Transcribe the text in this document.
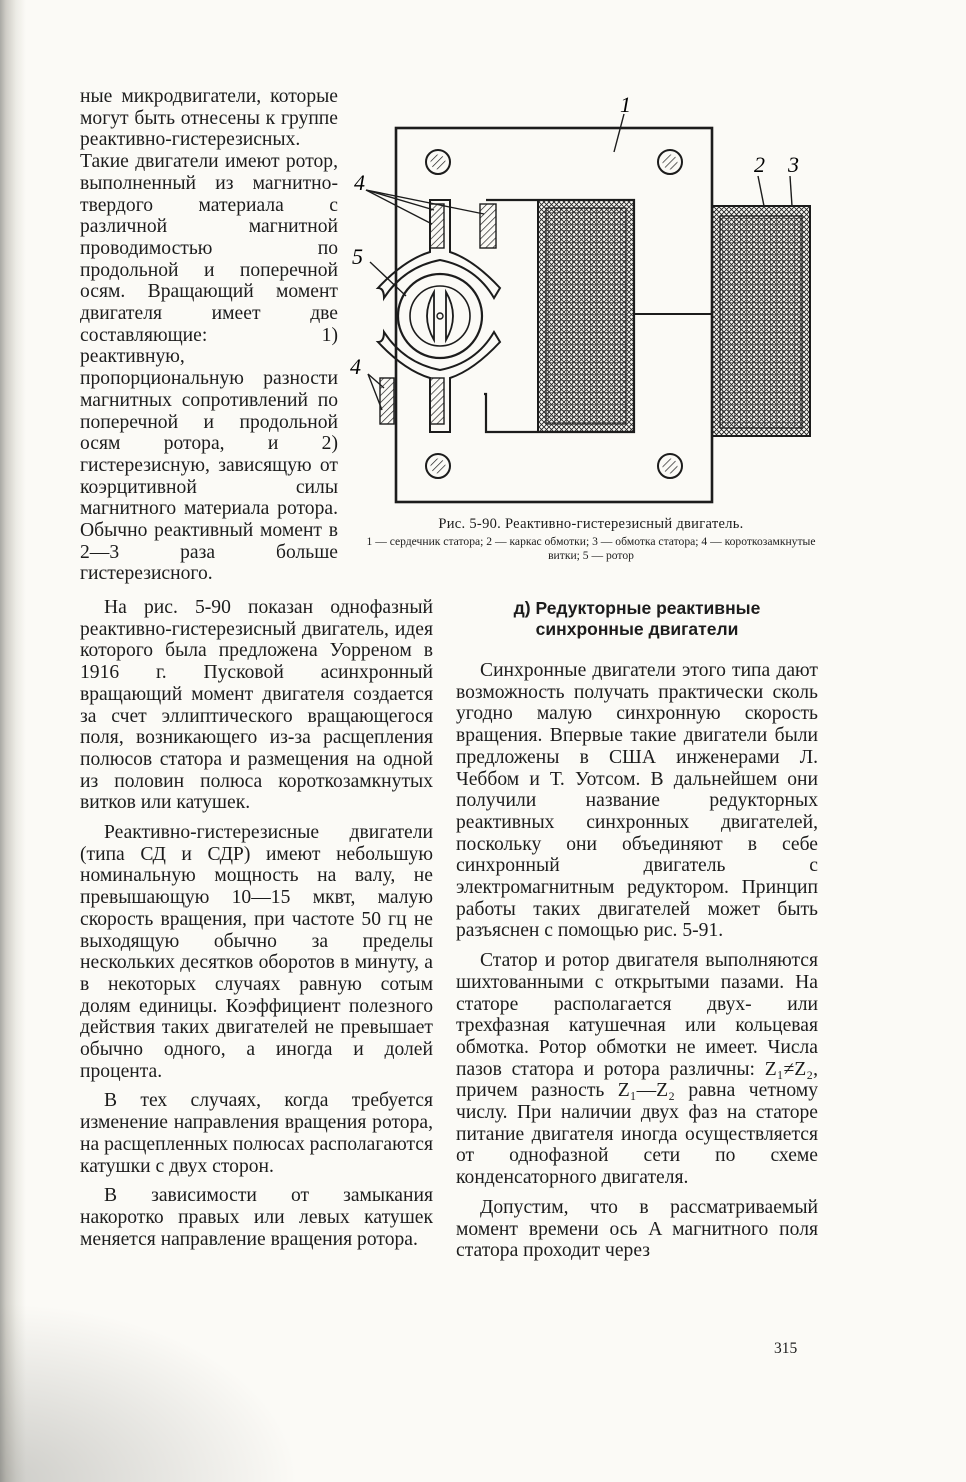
ные микродвигатели, которые могут быть отнесены к группе реактивно-гистерезисных. Такие двигатели имеют ротор, выполненный из магнитно-твердого материала с различной магнитной проводимостью по продольной и поперечной осям. Вращающий момент двигателя имеет две составляющие: 1) реактивную, пропорциональную разности магнитных сопротивлений по поперечной и продольной осям ротора, и 2) гистерезисную, зависящую от коэрцитивной силы магнитного материала ротора. Обычно реактивный момент в 2—3 раза больше гистерезисного.

1
2 3
4
5
4
Рис. 5-90. Реактивно-гистерезисный двигатель.
1 — сердечник статора; 2 — каркас обмотки; 3 — обмотка статора; 4 — короткозамкнутые витки; 5 — ротор

На рис. 5-90 показан однофазный реактивно-гистерезисный двигатель, идея которого была предложена Уорреном в 1916 г. Пусковой асинхронный вращающий момент двигателя создается за счет эллиптического вращающегося поля, возникающего из-за расщепления полюсов статора и размещения на одной из половин полюса короткозамкнутых витков или катушек.

Реактивно-гистерезисные двигатели (типа СД и СДР) имеют небольшую номинальную мощность на валу, не превышающую 10—15 мквт, малую скорость вращения, при частоте 50 гц не выходящую обычно за пределы нескольких десятков оборотов в минуту, а в некоторых случаях равную сотым долям единицы. Коэффициент полезного действия таких двигателей не превышает обычно одного, а иногда и долей процента.

В тех случаях, когда требуется изменение направления вращения ротора, на расщепленных полюсах располагаются катушки с двух сторон.

В зависимости от замыкания накоротко правых или левых катушек меняется направление вращения ротора.

д) Редукторные реактивные
синхронные двигатели

Синхронные двигатели этого типа дают возможность получать практически сколь угодно малую синхронную скорость вращения. Впервые такие двигатели были предложены в США инженерами Л. Чеббом и Т. Уотсом. В дальнейшем они получили название редукторных реактивных синхронных двигателей, поскольку они объединяют в себе синхронный двигатель с электромагнитным редуктором. Принцип работы таких двигателей может быть разъяснен с помощью рис. 5-91.

Статор и ротор двигателя выполняются шихтованными с открытыми пазами. На статоре располагается двух- или трехфазная катушечная или кольцевая обмотка. Ротор обмотки не имеет. Числа пазов статора и ротора различны: Z₁≠Z₂, причем разность Z₁—Z₂ равна четному числу. При наличии двух фаз на статоре питание двигателя иногда осуществляется от однофазной сети по схеме конденсаторного двигателя.

Допустим, что в рассматриваемый момент времени ось A магнитного поля статора проходит через

315
